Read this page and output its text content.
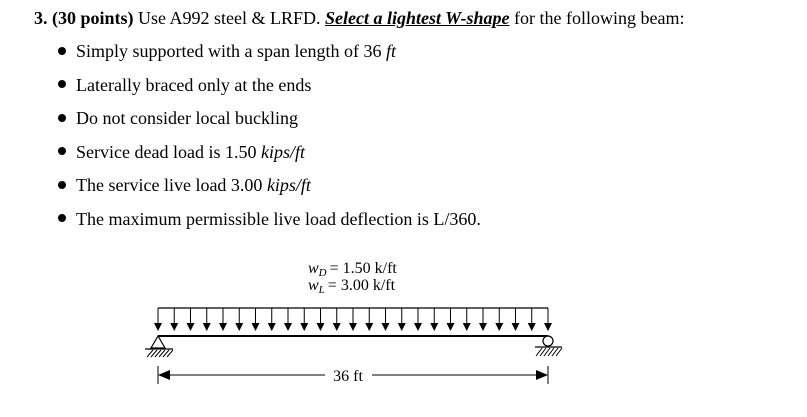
3. (30 points) Use A992 steel & LRFD. Select a lightest W-shape for the following beam:
Simply supported with a span length of 36 ft
Laterally braced only at the ends
Do not consider local buckling
Service dead load is 1.50 kips/ft
The service live load 3.00 kips/ft
The maximum permissible live load deflection is L/360.
wD = 1.50 k/ft
wL = 3.00 k/ft
36 ft
